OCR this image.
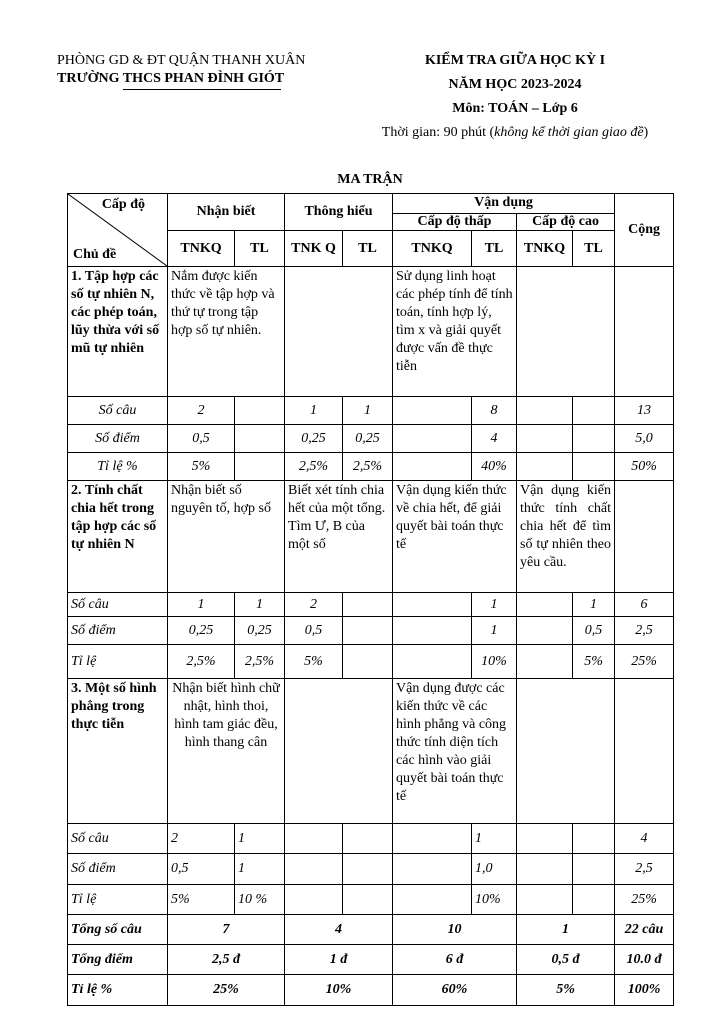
PHÒNG GD & ĐT QUẬN THANH XUÂN
TRƯỜNG THCS PHAN ĐÌNH GIÓT
KIỂM TRA GIỮA HỌC KỲ I
NĂM HỌC 2023-2024
Môn: TOÁN – Lớp 6
Thời gian: 90 phút (không kể thời gian giao đề)
MA TRẬN
Cấp độ
Chủ đề	Nhận biết		Thông hiểu		Vận dụng				Cộng
					Cấp độ thấp		Cấp độ cao		
	TNKQ	TL	TNK Q	TL	TNKQ	TL	TNKQ	TL	
1. Tập hợp các số tự nhiên N, các phép toán, lũy thừa với số mũ tự nhiên	Nắm được kiến thức về tập hợp và thứ tự trong tập hợp số tự nhiên.				Sử dụng linh hoạt các phép tính để tính toán, tính hợp lý, tìm x và giải quyết được vấn đề thực tiễn				
Số câu	2		1	1		8			13
Số điểm	0,5		0,25	0,25		4			5,0
Tỉ lệ %	5%		2,5%	2,5%		40%			50%
2. Tính chất chia hết trong tập hợp các số tự nhiên N	Nhận biết số nguyên tố, hợp số		Biết xét tính chia hết của một tổng. Tìm Ư, B của một số		Vận dụng kiến thức về chia hết, để giải quyết bài toán thực tế		Vận dụng kiến thức tính chất chia hết để tìm số tự nhiên theo yêu cầu.		
Số câu	1	1	2			1		1	6
Số điểm	0,25	0,25	0,5			1		0,5	2,5
Tỉ lệ	2,5%	2,5%	5%			10%		5%	25%
3. Một số hình phẳng trong thực tiễn	Nhận biết hình chữ nhật, hình thoi, hình tam giác đều, hình thang cân				Vận dụng được các kiến thức về các hình phẳng và công thức tính diện tích các hình vào giải quyết bài toán thực tế				
Số câu	2	1				1			4
Số điểm	0,5	1				1,0			2,5
Tỉ lệ	5%	10 %				10%			25%
Tổng số câu	7		4		10		1		22 câu
Tổng điểm	2,5 đ		1 đ		6 đ		0,5 đ		10.0 đ
Tỉ lệ %	25%		10%		60%		5%		100%
